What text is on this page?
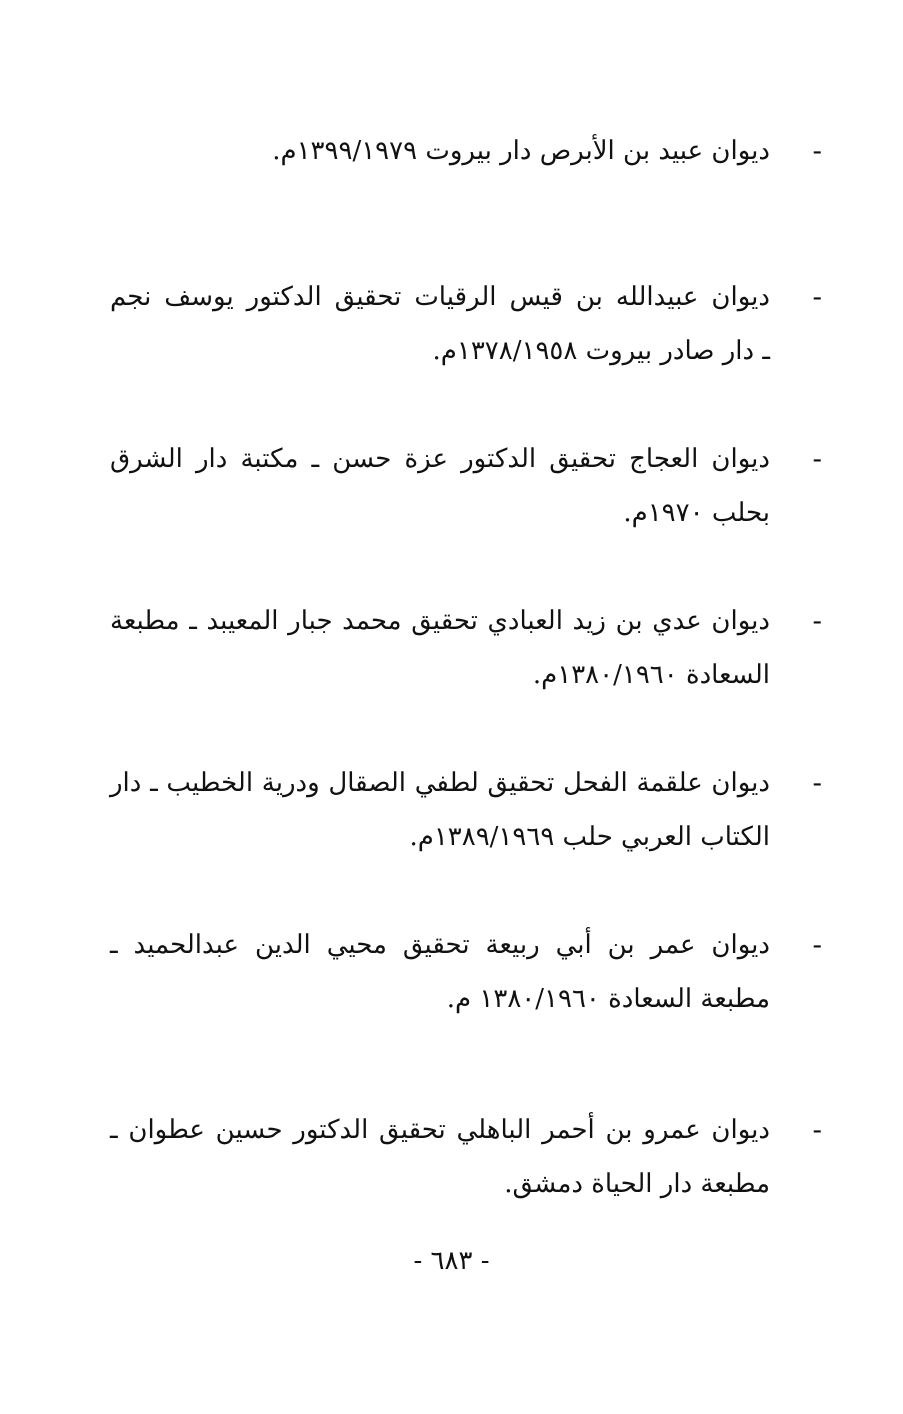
-
ديوان عبيد بن الأبرص دار بيروت ١٣٩٩/١٩٧٩م.
-
ديوان عبيدالله بن قيس الرقيات تحقيق الدكتور يوسف نجم
ـ دار صادر بيروت ١٣٧٨/١٩٥٨م.
-
ديوان العجاج تحقيق الدكتور عزة حسن ـ مكتبة دار الشرق
بحلب ١٩٧٠م.
-
ديوان عدي بن زيد العبادي تحقيق محمد جبار المعيبد ـ مطبعة
السعادة ١٣٨٠/١٩٦٠م.
-
ديوان علقمة الفحل تحقيق لطفي الصقال ودرية الخطيب ـ دار
الكتاب العربي حلب ١٣٨٩/١٩٦٩م.
-
ديوان عمر بن أبي ربيعة تحقيق محيي الدين عبدالحميد ـ
مطبعة السعادة ١٣٨٠/١٩٦٠ م.
-
ديوان عمرو بن أحمر الباهلي تحقيق الدكتور حسين عطوان ـ
مطبعة دار الحياة دمشق.
- ٦٨٣ -
